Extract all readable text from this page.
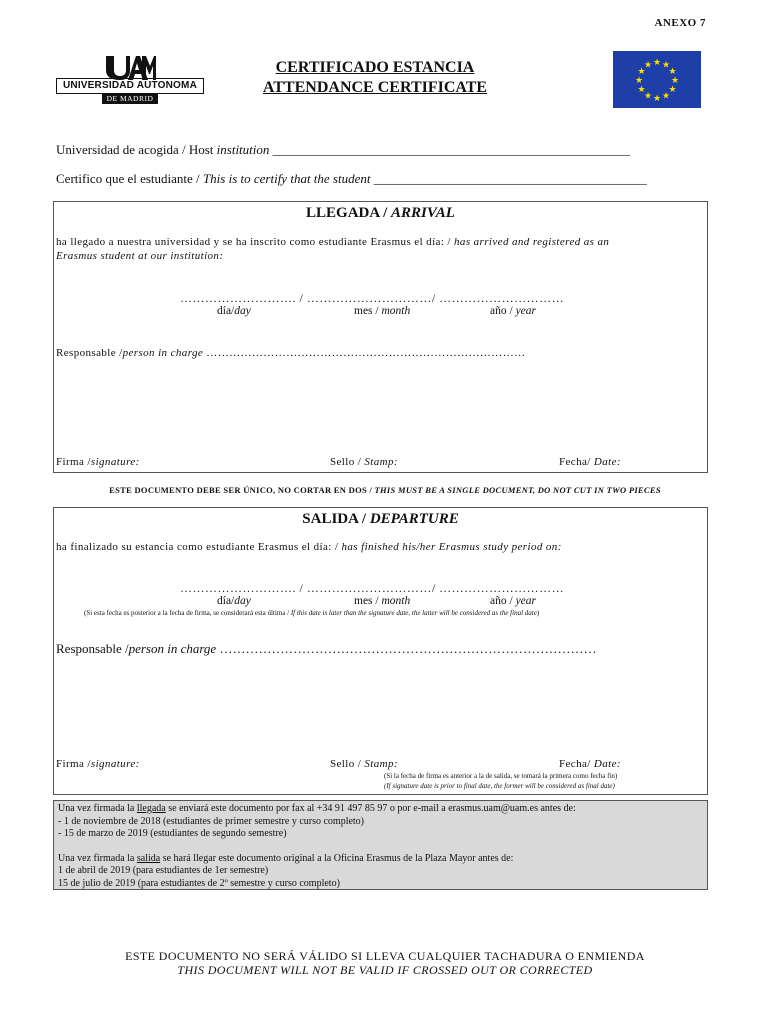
ANEXO 7
UNIVERSIDAD AUTONOMA
DE MADRID
CERTIFICADO ESTANCIA
ATTENDANCE CERTIFICATE
★ ★
★
★
★
★
★
★
★
★
★
★
Universidad de acogida / Host institution _______________________________________________________
Certifico que el estudiante / This is to certify that the student __________________________________________
LLEGADA / ARRIVAL
ha llegado a nuestra universidad y se ha inscrito como estudiante Erasmus el día: / has arrived and registered as an
Erasmus student at our institution:
………………………. / …………………………/ …………………………
día/day	mes / month	año / year
Responsable /person in charge …………………………………………………………………………
Firma /signature:	Sello / Stamp:	Fecha/ Date:
ESTE DOCUMENTO DEBE SER ÚNICO, NO CORTAR EN DOS / THIS MUST BE A SINGLE DOCUMENT, DO NOT CUT IN TWO PIECES
SALIDA / DEPARTURE
ha finalizado su estancia como estudiante Erasmus el día: / has finished his/her Erasmus study period on:
………………………. / …………………………/ …………………………
día/day	mes / month	año / year
(Si esta fecha es posterior a la fecha de firma, se considerará esta última / If this date is later than the signature date, the latter will be considered as the final date)
Responsable /person in charge ……………………………………………………………………………
Firma /signature:	Sello / Stamp:	Fecha/ Date:
(Si la fecha de firma es anterior a la de salida, se tomará la primera como fecha fin)
(If signature date is prior to final date, the former will be considered as final date)
Una vez firmada la llegada se enviará este documento por fax al +34 91 497 85 97 o por e-mail a erasmus.uam@uam.es antes de:
- 1 de noviembre de 2018 (estudiantes de primer semestre y curso completo)
- 15 de marzo de 2019 (estudiantes de segundo semestre)
Una vez firmada la salida se hará llegar este documento original a la Oficina Erasmus de la Plaza Mayor antes de:
1 de abril de 2019 (para estudiantes de 1er semestre)
15 de julio de 2019 (para estudiantes de 2º semestre y curso completo)
ESTE DOCUMENTO NO SERÁ VÁLIDO SI LLEVA CUALQUIER TACHADURA O ENMIENDA
THIS DOCUMENT WILL NOT BE VALID IF CROSSED OUT OR CORRECTED
